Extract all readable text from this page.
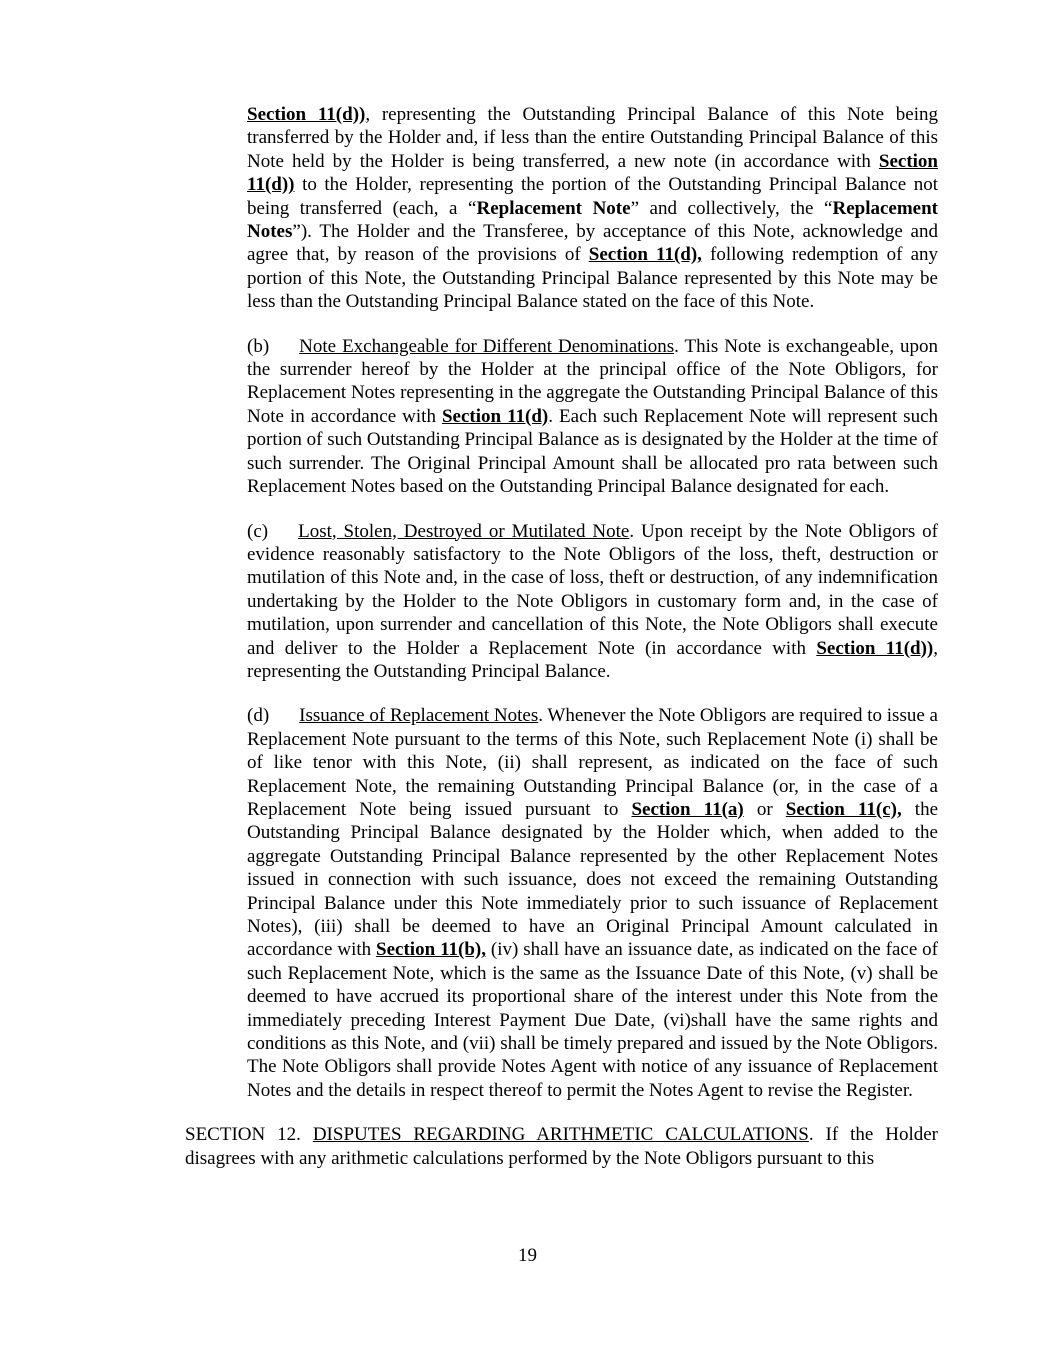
Section 11(d)), representing the Outstanding Principal Balance of this Note being transferred by the Holder and, if less than the entire Outstanding Principal Balance of this Note held by the Holder is being transferred, a new note (in accordance with Section 11(d)) to the Holder, representing the portion of the Outstanding Principal Balance not being transferred (each, a “Replacement Note” and collectively, the “Replacement Notes”). The Holder and the Transferee, by acceptance of this Note, acknowledge and agree that, by reason of the provisions of Section 11(d), following redemption of any portion of this Note, the Outstanding Principal Balance represented by this Note may be less than the Outstanding Principal Balance stated on the face of this Note.

(b) Note Exchangeable for Different Denominations. This Note is exchangeable, upon the surrender hereof by the Holder at the principal office of the Note Obligors, for Replacement Notes representing in the aggregate the Outstanding Principal Balance of this Note in accordance with Section 11(d). Each such Replacement Note will represent such portion of such Outstanding Principal Balance as is designated by the Holder at the time of such surrender. The Original Principal Amount shall be allocated pro rata between such Replacement Notes based on the Outstanding Principal Balance designated for each.

(c) Lost, Stolen, Destroyed or Mutilated Note. Upon receipt by the Note Obligors of evidence reasonably satisfactory to the Note Obligors of the loss, theft, destruction or mutilation of this Note and, in the case of loss, theft or destruction, of any indemnification undertaking by the Holder to the Note Obligors in customary form and, in the case of mutilation, upon surrender and cancellation of this Note, the Note Obligors shall execute and deliver to the Holder a Replacement Note (in accordance with Section 11(d)), representing the Outstanding Principal Balance.

(d) Issuance of Replacement Notes. Whenever the Note Obligors are required to issue a Replacement Note pursuant to the terms of this Note, such Replacement Note (i) shall be of like tenor with this Note, (ii) shall represent, as indicated on the face of such Replacement Note, the remaining Outstanding Principal Balance (or, in the case of a Replacement Note being issued pursuant to Section 11(a) or Section 11(c), the Outstanding Principal Balance designated by the Holder which, when added to the aggregate Outstanding Principal Balance represented by the other Replacement Notes issued in connection with such issuance, does not exceed the remaining Outstanding Principal Balance under this Note immediately prior to such issuance of Replacement Notes), (iii) shall be deemed to have an Original Principal Amount calculated in accordance with Section 11(b), (iv) shall have an issuance date, as indicated on the face of such Replacement Note, which is the same as the Issuance Date of this Note, (v) shall be deemed to have accrued its proportional share of the interest under this Note from the immediately preceding Interest Payment Due Date, (vi)shall have the same rights and conditions as this Note, and (vii) shall be timely prepared and issued by the Note Obligors. The Note Obligors shall provide Notes Agent with notice of any issuance of Replacement Notes and the details in respect thereof to permit the Notes Agent to revise the Register.

SECTION 12. DISPUTES REGARDING ARITHMETIC CALCULATIONS. If the Holder disagrees with any arithmetic calculations performed by the Note Obligors pursuant to this

19
